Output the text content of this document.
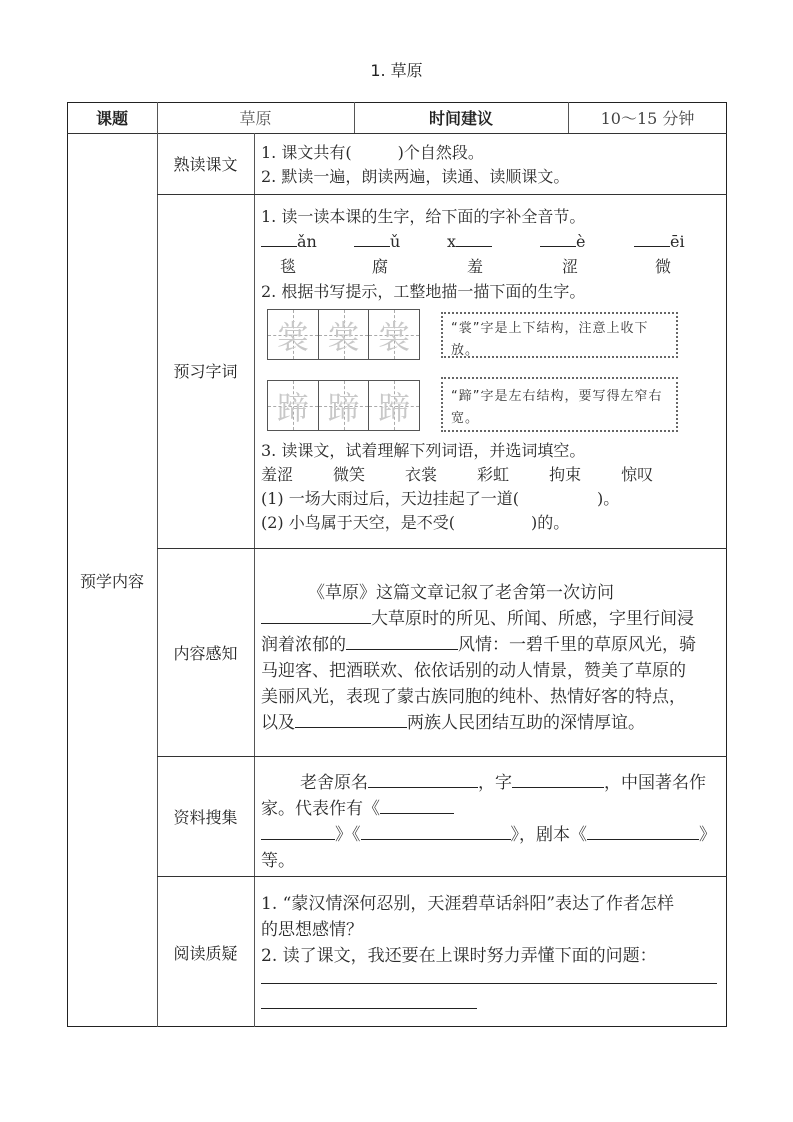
1. 草原
课题	草原	时间建议	10～15 分钟
预学内容
熟读课文
1. 课文共有(	)个自然段。
2. 默读一遍，朗读两遍，读通、读顺课文。
预习字词
1. 读一读本课的生字，给下面的字补全音节。
ǎn	ǔ	x	è	ēi
毯	腐	羞	涩	微
2. 根据书写提示，工整地描一描下面的生字。
裳 裳 裳	“裳”字是上下结构，注意上收下放。
蹄 蹄 蹄	“蹄”字是左右结构，要写得左窄右宽。
3. 读课文，试着理解下列词语，并选词填空。
羞涩	微笑	衣裳	彩虹	拘束	惊叹
(1) 一场大雨过后，天边挂起了一道(	)。
(2) 小鸟属于天空，是不受(	)的。
内容感知
《草原》这篇文章记叙了老舍第一次访问
大草原时的所见、所闻、所感，字里行间浸
润着浓郁的	风情：一碧千里的草原风光，骑
马迎客、把酒联欢、依依话别的动人情景，赞美了草原的
美丽风光，表现了蒙古族同胞的纯朴、热情好客的特点，
以及	两族人民团结互助的深情厚谊。
资料搜集
老舍原名	，字	，中国著名作
家。代表作有《
》《	》，剧本《	》
等。
阅读质疑
1. “蒙汉情深何忍别，天涯碧草话斜阳”表达了作者怎样
的思想感情？
2. 读了课文，我还要在上课时努力弄懂下面的问题：
